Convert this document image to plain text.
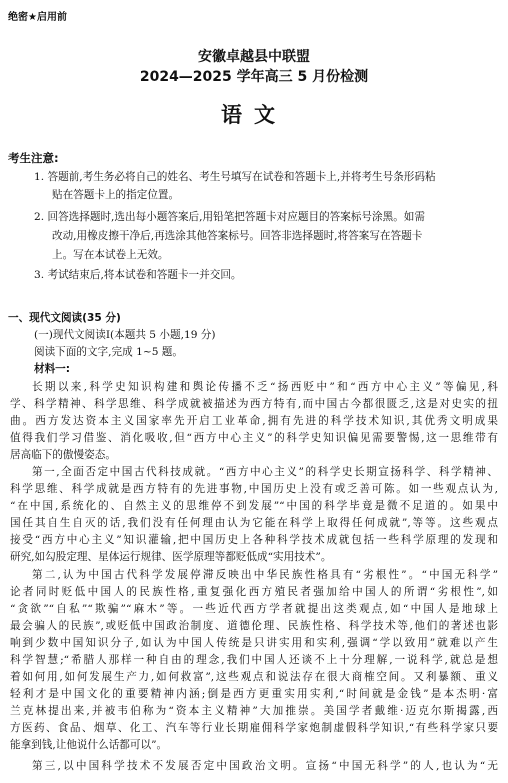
绝密★启用前
安徽卓越县中联盟
2024—2025 学年高三 5 月份检测
语文
考生注意:
1. 答题前,考生务必将自己的姓名、考生号填写在试卷和答题卡上,并将考生号条形码粘
贴在答题卡上的指定位置。
2. 回答选择题时,选出每小题答案后,用铅笔把答题卡对应题目的答案标号涂黑。如需
改动,用橡皮擦干净后,再选涂其他答案标号。回答非选择题时,将答案写在答题卡
上。写在本试卷上无效。
3. 考试结束后,将本试卷和答题卡一并交回。
一、现代文阅读(35 分)
(一)现代文阅读Ⅰ(本题共 5 小题,19 分)
阅读下面的文字,完成 1~5 题。
材料一:
长期以来,科学史知识构建和舆论传播不乏“扬西贬中”和“西方中心主义”等偏见,科
学、科学精神、科学思维、科学成就被描述为西方特有,而中国古今都很匮乏,这是对史实的扭
曲。西方发达资本主义国家率先开启工业革命,拥有先进的科学技术知识,其优秀文明成果
值得我们学习借鉴、消化吸收,但“西方中心主义”的科学史知识偏见需要警惕,这一思维带有
居高临下的傲慢姿态。
第一,全面否定中国古代科技成就。“西方中心主义”的科学史长期宣扬科学、科学精神、
科学思维、科学成就是西方特有的先进事物,中国历史上没有或乏善可陈。如一些观点认为,
“在中国,系统化的、自然主义的思维停不到发展”“中国的科学毕竟是微不足道的。如果中
国任其自生自灭的话,我们没有任何理由认为它能在科学上取得任何成就”,等等。这些观点
接受“西方中心主义”知识灌输,把中国历史上各种科学技术成就包括一些科学原理的发现和
研究,如勾股定理、星体运行规律、医学原理等都贬低成“实用技术”。
第二,认为中国古代科学发展停滞反映出中华民族性格具有“劣根性”。“中国无科学”
论者同时贬低中国人的民族性格,重复强化西方殖民者强加给中国人的所谓“劣根性”,如
“贪欲”“自私”“欺骗”“麻木”等。一些近代西方学者就提出这类观点,如“中国人是地球上
最会骗人的民族”,或贬低中国政治制度、道德伦理、民族性格、科学技术等,他们的著述也影
响到少数中国知识分子,如认为中国人传统是只讲实用和实利,强调“学以致用”就难以产生
科学智慧;“希腊人那样一种自由的理念,我们中国人还谈不上十分理解,一说科学,就总是想
着如何用,如何发展生产力,如何救富”,这些观点和说法存在很大商榷空间。又利暴额、重义
轻利才是中国文化的重要精神内涵;倒是西方更重实用实利,“时间就是金钱”是本杰明·富
兰克林提出来,并被韦伯称为“资本主义精神”大加推崇。美国学者戴维·迈克尔斯揭露,西
方医药、食品、烟草、化工、汽车等行业长期雇佣科学家炮制虚假科学知识,“有些科学家只要
能拿到钱,让他说什么话都可以”。
第三,以中国科学技术不发展否定中国政治文明。宣扬“中国无科学”的人,也认为“无
